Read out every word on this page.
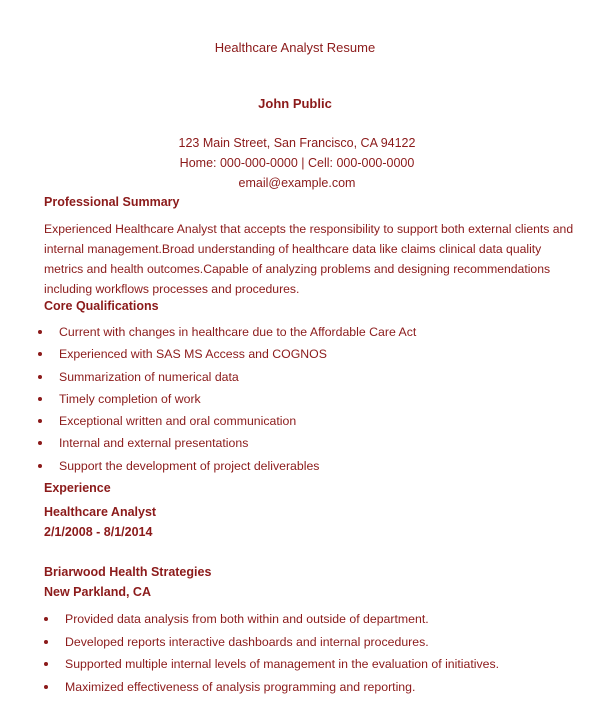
Healthcare Analyst Resume
John Public
123 Main Street, San Francisco, CA 94122
Home: 000-000-0000 | Cell: 000-000-0000
email@example.com
Professional Summary
Experienced Healthcare Analyst that accepts the responsibility to support both external clients and internal management.Broad understanding of healthcare data like claims clinical data quality metrics and health outcomes.Capable of analyzing problems and designing recommendations including workflows processes and procedures.
Core Qualifications
Current with changes in healthcare due to the Affordable Care Act
Experienced with SAS MS Access and COGNOS
Summarization of numerical data
Timely completion of work
Exceptional written and oral communication
Internal and external presentations
Support the development of project deliverables
Experience
Healthcare Analyst
2/1/2008 - 8/1/2014
Briarwood Health Strategies
New Parkland, CA
Provided data analysis from both within and outside of department.
Developed reports interactive dashboards and internal procedures.
Supported multiple internal levels of management in the evaluation of initiatives.
Maximized effectiveness of analysis programming and reporting.
